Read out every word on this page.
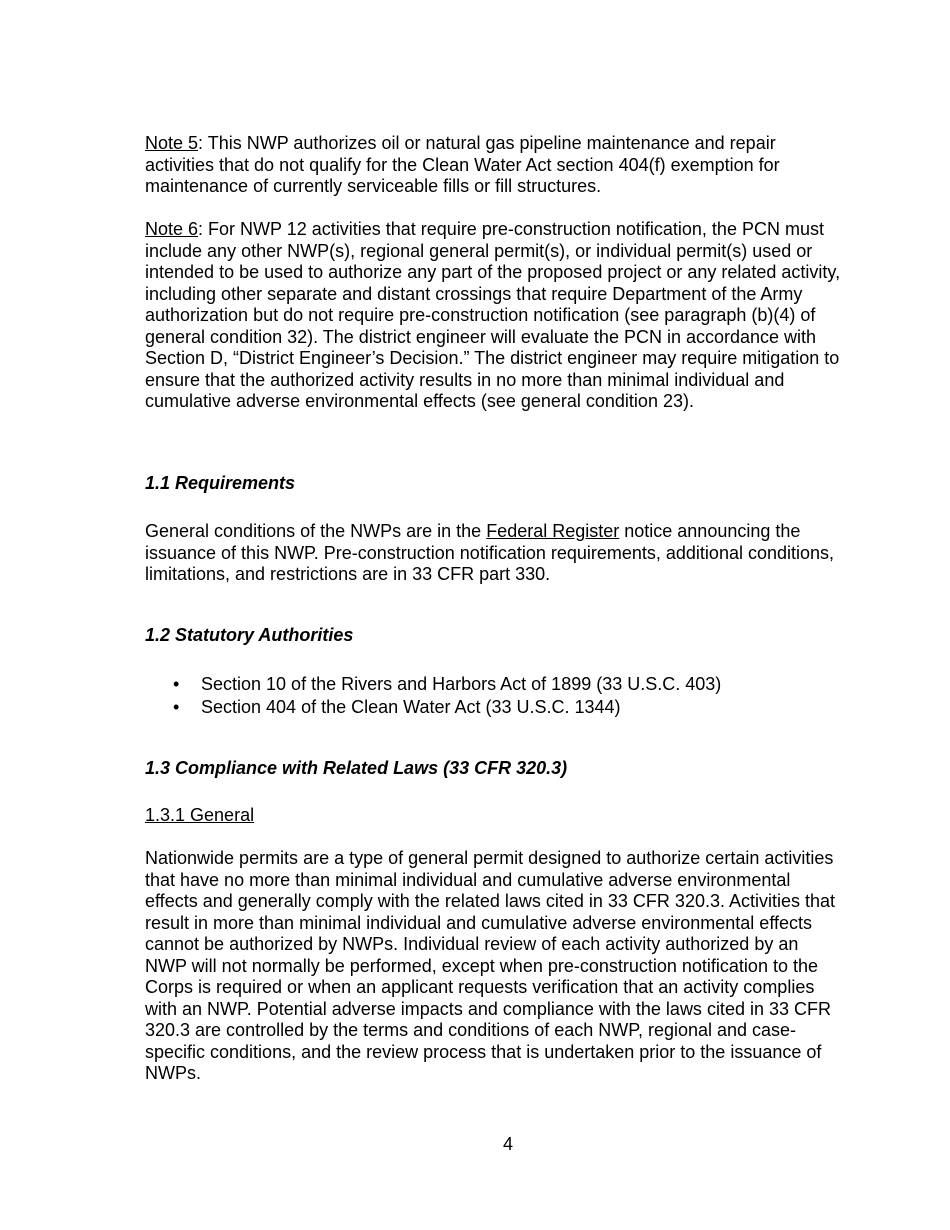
Note 5: This NWP authorizes oil or natural gas pipeline maintenance and repair activities that do not qualify for the Clean Water Act section 404(f) exemption for maintenance of currently serviceable fills or fill structures.

Note 6: For NWP 12 activities that require pre-construction notification, the PCN must include any other NWP(s), regional general permit(s), or individual permit(s) used or intended to be used to authorize any part of the proposed project or any related activity, including other separate and distant crossings that require Department of the Army authorization but do not require pre-construction notification (see paragraph (b)(4) of general condition 32). The district engineer will evaluate the PCN in accordance with Section D, “District Engineer’s Decision.” The district engineer may require mitigation to ensure that the authorized activity results in no more than minimal individual and cumulative adverse environmental effects (see general condition 23).

1.1 Requirements

General conditions of the NWPs are in the Federal Register notice announcing the issuance of this NWP. Pre-construction notification requirements, additional conditions, limitations, and restrictions are in 33 CFR part 330.

1.2 Statutory Authorities

• Section 10 of the Rivers and Harbors Act of 1899 (33 U.S.C. 403)
• Section 404 of the Clean Water Act (33 U.S.C. 1344)

1.3 Compliance with Related Laws (33 CFR 320.3)

1.3.1 General

Nationwide permits are a type of general permit designed to authorize certain activities that have no more than minimal individual and cumulative adverse environmental effects and generally comply with the related laws cited in 33 CFR 320.3. Activities that result in more than minimal individual and cumulative adverse environmental effects cannot be authorized by NWPs. Individual review of each activity authorized by an NWP will not normally be performed, except when pre-construction notification to the Corps is required or when an applicant requests verification that an activity complies with an NWP. Potential adverse impacts and compliance with the laws cited in 33 CFR 320.3 are controlled by the terms and conditions of each NWP, regional and case-specific conditions, and the review process that is undertaken prior to the issuance of NWPs.

4
